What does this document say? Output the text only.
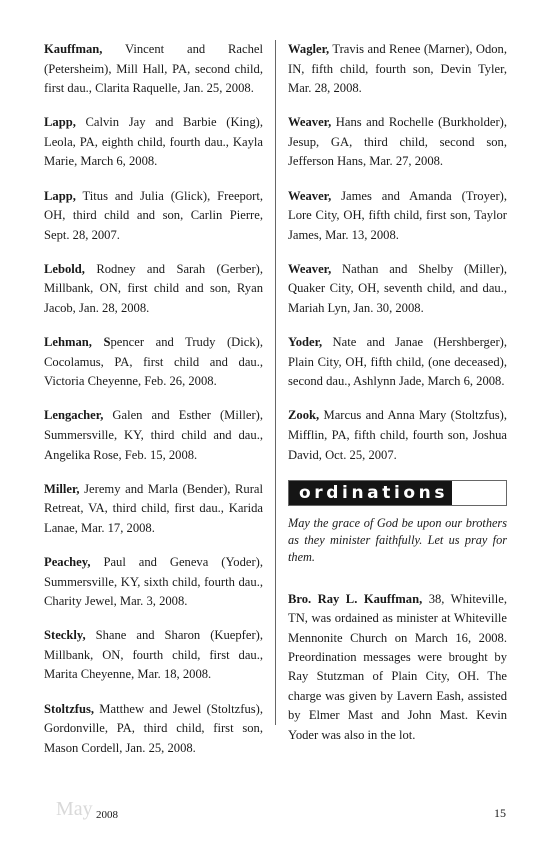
Kauffman, Vincent and Rachel (Petersheim), Mill Hall, PA, second child, first dau., Clarita Raquelle, Jan. 25, 2008.

Lapp, Calvin Jay and Barbie (King), Leola, PA, eighth child, fourth dau., Kayla Marie, March 6, 2008.

Lapp, Titus and Julia (Glick), Freeport, OH, third child and son, Carlin Pierre, Sept. 28, 2007.

Lebold, Rodney and Sarah (Gerber), Millbank, ON, first child and son, Ryan Jacob, Jan. 28, 2008.

Lehman, Spencer and Trudy (Dick), Cocolamus, PA, first child and dau., Victoria Cheyenne, Feb. 26, 2008.

Lengacher, Galen and Esther (Miller), Summersville, KY, third child and dau., Angelika Rose, Feb. 15, 2008.

Miller, Jeremy and Marla (Bender), Rural Retreat, VA, third child, first dau., Karida Lanae, Mar. 17, 2008.

Peachey, Paul and Geneva (Yoder), Summersville, KY, sixth child, fourth dau., Charity Jewel, Mar. 3, 2008.

Steckly, Shane and Sharon (Kuepfer), Millbank, ON, fourth child, first dau., Marita Cheyenne, Mar. 18, 2008.

Stoltzfus, Matthew and Jewel (Stoltzfus), Gordonville, PA, third child, first son, Mason Cordell, Jan. 25, 2008.

Wagler, Travis and Renee (Marner), Odon, IN, fifth child, fourth son, Devin Tyler, Mar. 28, 2008.

Weaver, Hans and Rochelle (Burkholder), Jesup, GA, third child, second son, Jefferson Hans, Mar. 27, 2008.

Weaver, James and Amanda (Troyer), Lore City, OH, fifth child, first son, Taylor James, Mar. 13, 2008.

Weaver, Nathan and Shelby (Miller), Quaker City, OH, seventh child, and dau., Mariah Lyn, Jan. 30, 2008.

Yoder, Nate and Janae (Hershberger), Plain City, OH, fifth child, (one deceased), second dau., Ashlynn Jade, March 6, 2008.

Zook, Marcus and Anna Mary (Stoltzfus), Mifflin, PA, fifth child, fourth son, Joshua David, Oct. 25, 2007.

ordinations

May the grace of God be upon our brothers as they minister faithfully. Let us pray for them.

Bro. Ray L. Kauffman, 38, Whiteville, TN, was ordained as minister at Whiteville Mennonite Church on March 16, 2008. Preordination messages were brought by Ray Stutzman of Plain City, OH. The charge was given by Lavern Eash, assisted by Elmer Mast and John Mast. Kevin Yoder was also in the lot.

May 2008	15
